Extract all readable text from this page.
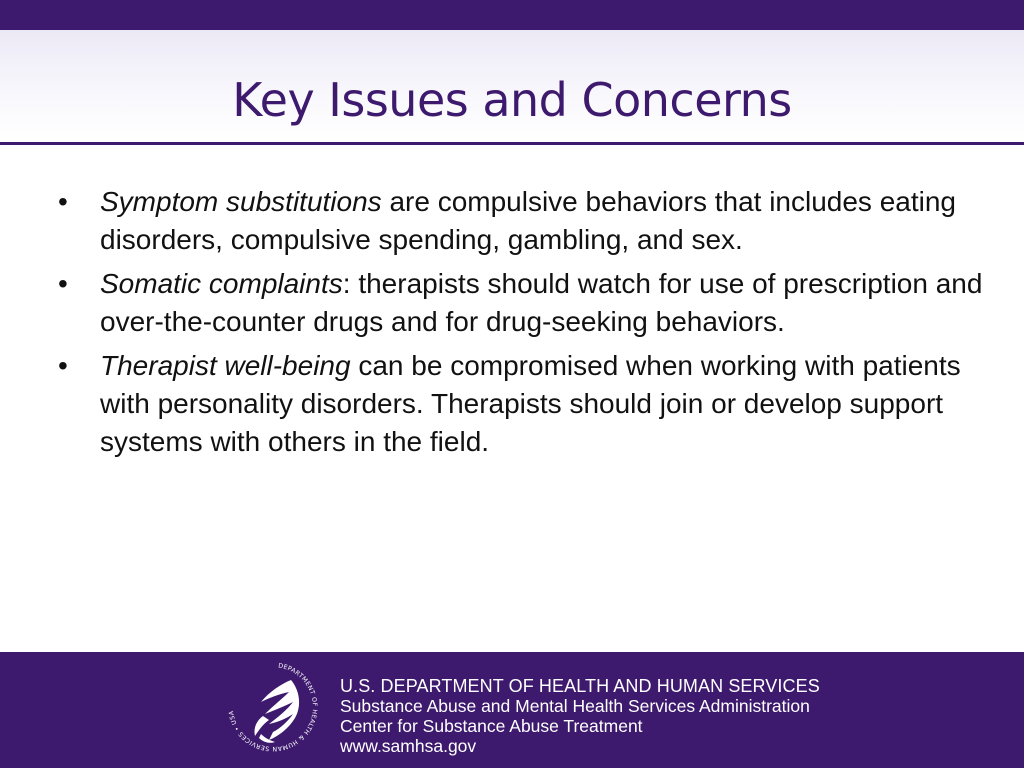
Key Issues and Concerns
•	Symptom substitutions are compulsive behaviors that includes eating disorders, compulsive spending, gambling, and sex.
•	Somatic complaints: therapists should watch for use of prescription and over-the-counter drugs and for drug-seeking behaviors.
•	Therapist well-being can be compromised when working with patients with personality disorders. Therapists should join or develop support systems with others in the field.
DEPARTMENT OF HEALTH & HUMAN SERVICES • USA
U.S. DEPARTMENT OF HEALTH AND HUMAN SERVICES
Substance Abuse and Mental Health Services Administration
Center for Substance Abuse Treatment
www.samhsa.gov
